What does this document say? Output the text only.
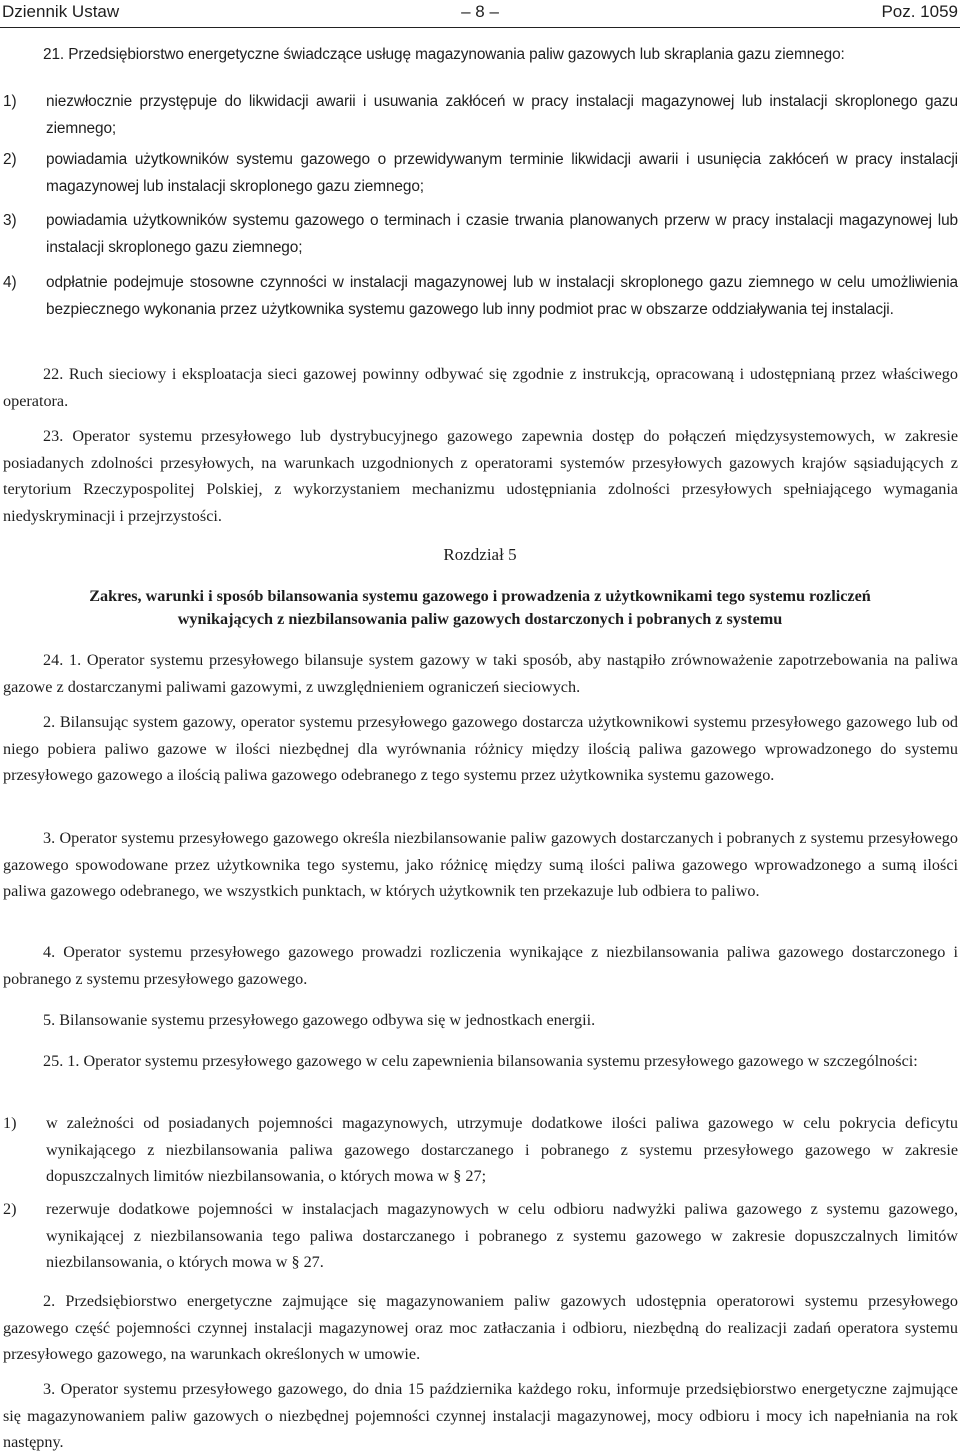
Dziennik Ustaw	– 8 –	Poz. 1059

21. Przedsiębiorstwo energetyczne świadczące usługę magazynowania paliw gazowych lub skraplania gazu ziemnego:

1) niezwłocznie przystępuje do likwidacji awarii i usuwania zakłóceń w pracy instalacji magazynowej lub instalacji skroplonego gazu ziemnego;

2) powiadamia użytkowników systemu gazowego o przewidywanym terminie likwidacji awarii i usunięcia zakłóceń w pracy instalacji magazynowej lub instalacji skroplonego gazu ziemnego;

3) powiadamia użytkowników systemu gazowego o terminach i czasie trwania planowanych przerw w pracy instalacji magazynowej lub instalacji skroplonego gazu ziemnego;

4) odpłatnie podejmuje stosowne czynności w instalacji magazynowej lub w instalacji skroplonego gazu ziemnego w celu umożliwienia bezpiecznego wykonania przez użytkownika systemu gazowego lub inny podmiot prac w obszarze oddziaływania tej instalacji.

22. Ruch sieciowy i eksploatacja sieci gazowej powinny odbywać się zgodnie z instrukcją, opracowaną i udostępnianą przez właściwego operatora.

23. Operator systemu przesyłowego lub dystrybucyjnego gazowego zapewnia dostęp do połączeń międzysystemowych, w zakresie posiadanych zdolności przesyłowych, na warunkach uzgodnionych z operatorami systemów przesyłowych gazowych krajów sąsiadujących z terytorium Rzeczypospolitej Polskiej, z wykorzystaniem mechanizmu udostępniania zdolności przesyłowych spełniającego wymagania niedyskryminacji i przejrzystości.

Rozdział 5
Zakres, warunki i sposób bilansowania systemu gazowego i prowadzenia z użytkownikami tego systemu rozliczeń
wynikających z niezbilansowania paliw gazowych dostarczonych i pobranych z systemu

24. 1. Operator systemu przesyłowego bilansuje system gazowy w taki sposób, aby nastąpiło zrównoważenie zapotrzebowania na paliwa gazowe z dostarczanymi paliwami gazowymi, z uwzględnieniem ograniczeń sieciowych.

2. Bilansując system gazowy, operator systemu przesyłowego gazowego dostarcza użytkownikowi systemu przesyłowego gazowego lub od niego pobiera paliwo gazowe w ilości niezbędnej dla wyrównania różnicy między ilością paliwa gazowego wprowadzonego do systemu przesyłowego gazowego a ilością paliwa gazowego odebranego z tego systemu przez użytkownika systemu gazowego.

3. Operator systemu przesyłowego gazowego określa niezbilansowanie paliw gazowych dostarczanych i pobranych z systemu przesyłowego gazowego spowodowane przez użytkownika tego systemu, jako różnicę między sumą ilości paliwa gazowego wprowadzonego a sumą ilości paliwa gazowego odebranego, we wszystkich punktach, w których użytkownik ten przekazuje lub odbiera to paliwo.

4. Operator systemu przesyłowego gazowego prowadzi rozliczenia wynikające z niezbilansowania paliwa gazowego dostarczonego i pobranego z systemu przesyłowego gazowego.

5. Bilansowanie systemu przesyłowego gazowego odbywa się w jednostkach energii.

25. 1. Operator systemu przesyłowego gazowego w celu zapewnienia bilansowania systemu przesyłowego gazowego w szczególności:

1) w zależności od posiadanych pojemności magazynowych, utrzymuje dodatkowe ilości paliwa gazowego w celu pokrycia deficytu wynikającego z niezbilansowania paliwa gazowego dostarczanego i pobranego z systemu przesyłowego gazowego w zakresie dopuszczalnych limitów niezbilansowania, o których mowa w § 27;

2) rezerwuje dodatkowe pojemności w instalacjach magazynowych w celu odbioru nadwyżki paliwa gazowego z systemu gazowego, wynikającej z niezbilansowania tego paliwa dostarczanego i pobranego z systemu gazowego w zakresie dopuszczalnych limitów niezbilansowania, o których mowa w § 27.

2. Przedsiębiorstwo energetyczne zajmujące się magazynowaniem paliw gazowych udostępnia operatorowi systemu przesyłowego gazowego część pojemności czynnej instalacji magazynowej oraz moc zatłaczania i odbioru, niezbędną do realizacji zadań operatora systemu przesyłowego gazowego, na warunkach określonych w umowie.

3. Operator systemu przesyłowego gazowego, do dnia 15 października każdego roku, informuje przedsiębiorstwo energetyczne zajmujące się magazynowaniem paliw gazowych o niezbędnej pojemności czynnej instalacji magazynowej, mocy odbioru i mocy ich napełniania na rok następny.
